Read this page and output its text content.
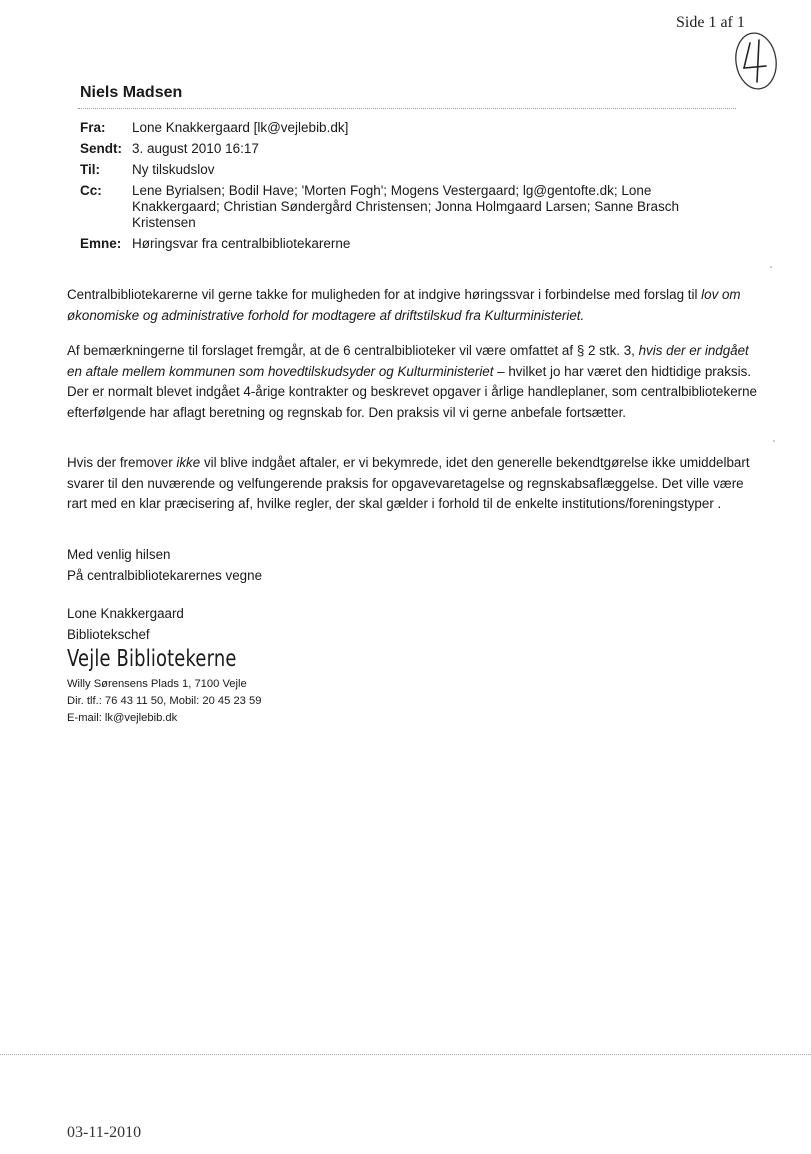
Side 1 af 1
Niels Madsen
Fra:	Lone Knakkergaard [lk@vejlebib.dk]
Sendt:	3. august 2010 16:17
Til:	Ny tilskudslov
Cc:	Lene Byrialsen; Bodil Have; 'Morten Fogh'; Mogens Vestergaard; lg@gentofte.dk; Lone Knakkergaard; Christian Søndergård Christensen; Jonna Holmgaard Larsen; Sanne Brasch Kristensen
Emne:	Høringsvar fra centralbibliotekarerne

Centralbibliotekarerne vil gerne takke for muligheden for at indgive høringssvar i forbindelse med forslag til lov om økonomiske og administrative forhold for modtagere af driftstilskud fra Kulturministeriet.

Af bemærkningerne til forslaget fremgår, at de 6 centralbiblioteker vil være omfattet af § 2 stk. 3, hvis der er indgået en aftale mellem kommunen som hovedtilskudsyder og Kulturministeriet – hvilket jo har været den hidtidige praksis. Der er normalt blevet indgået 4-årige kontrakter og beskrevet opgaver i årlige handleplaner, som centralbibliotekerne efterfølgende har aflagt beretning og regnskab for. Den praksis vil vi gerne anbefale fortsætter.

Hvis der fremover ikke vil blive indgået aftaler, er vi bekymrede, idet den generelle bekendtgørelse ikke umiddelbart svarer til den nuværende og velfungerende praksis for opgavevaretagelse og regnskabsaflæggelse. Det ville være rart med en klar præcisering af, hvilke regler, der skal gælder i forhold til de enkelte institutions/foreningstyper .

Med venlig hilsen

På centralbibliotekarernes vegne

Lone Knakkergaard

Bibliotekschef

Vejle Bibliotekerne
Willy Sørensens Plads 1, 7100 Vejle
Dir. tlf.: 76 43 11 50, Mobil: 20 45 23 59
E-mail: lk@vejlebib.dk
03-11-2010
